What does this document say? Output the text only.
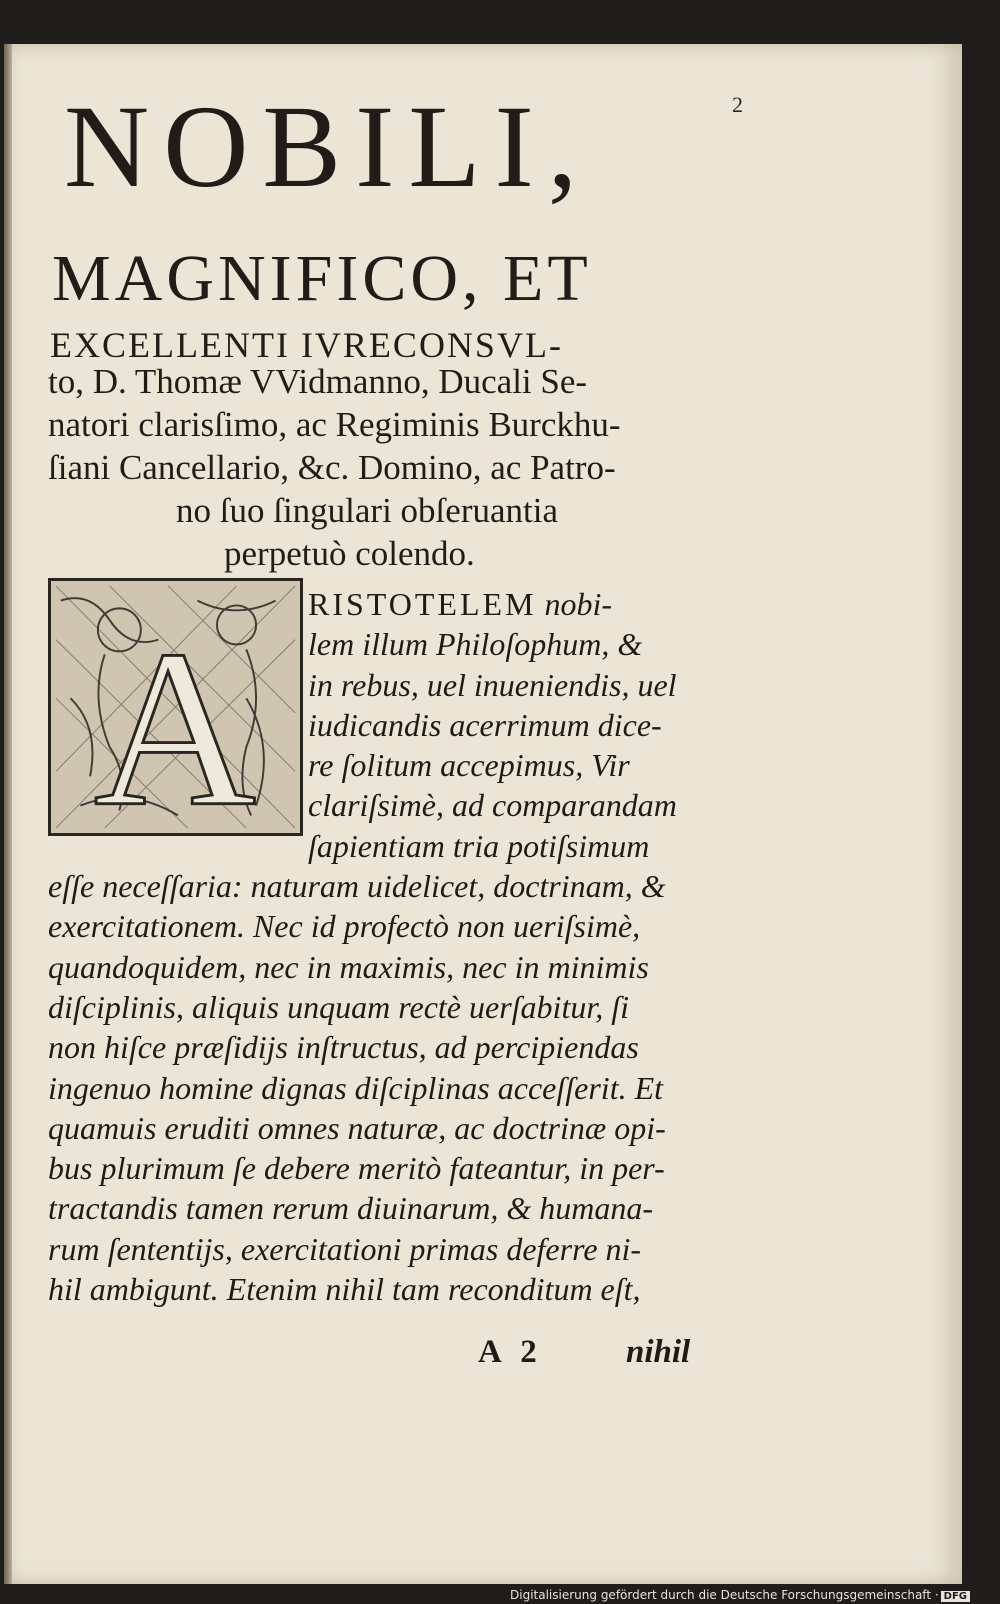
2
NOBILI,
MAGNIFICO, ET
EXCELLENTI IVRECONSVL-
to, D. Thomæ VVidmanno, Ducali Se-
natori clarisſimo, ac Regiminis Burckhu-
ſiani Cancellario, &c. Domino, ac Patro-
no ſuo ſingulari obſeruantia
perpetuò colendo.
A	RISTOTELEM nobi-
lem illum Philoſophum, &
in rebus, uel inueniendis, uel
iudicandis acerrimum dice-
re ſolitum accepimus, Vir
clariſsimè, ad comparandam
ſapientiam tria potiſsimum
eſſe neceſſaria: naturam uidelicet, doctrinam, &
exercitationem. Nec id profectò non ueriſsimè,
quandoquidem, nec in maximis, nec in minimis
diſciplinis, aliquis unquam rectè uerſabitur, ſi
non hiſce præſidijs inſtructus, ad percipiendas
ingenuo homine dignas diſciplinas acceſſerit. Et
quamuis eruditi omnes naturæ, ac doctrinæ opi-
bus plurimum ſe debere meritò fateantur, in per-
tractandis tamen rerum diuinarum, & humana-
rum ſententijs, exercitationi primas deferre ni-
hil ambigunt. Etenim nihil tam reconditum eſt,
A 2	nihil
Digitalisierung gefördert durch die Deutsche Forschungsgemeinschaft · DFG
